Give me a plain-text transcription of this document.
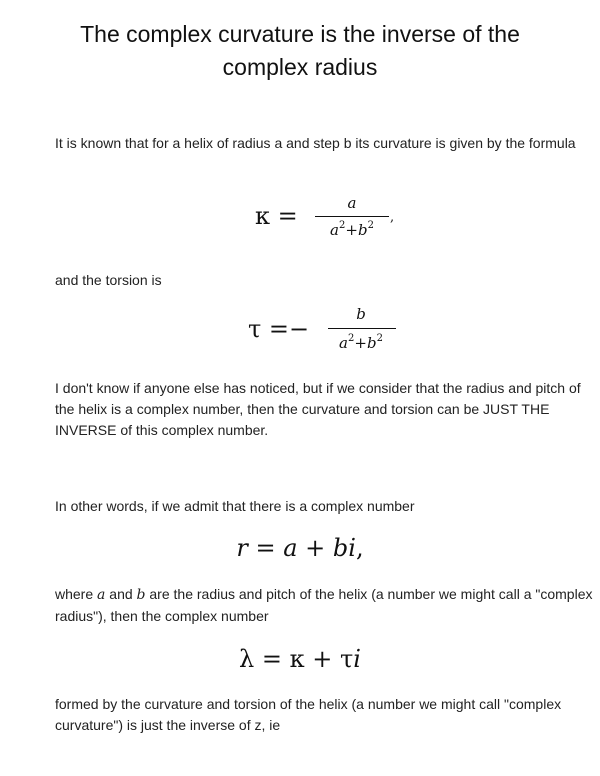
The complex curvature is the inverse of the complex radius

It is known that for a helix of radius a and step b its curvature is given by the formula

κ =	a
$a^2+b^2$
,

and the torsion is

τ =−
b
$a^2+b^2$

I don't know if anyone else has noticed, but if we consider that the radius and pitch of the helix is a complex number, then the curvature and torsion can be JUST THE INVERSE of this complex number.

In other words, if we admit that there is a complex number

r = a + bi,

where a and b are the radius and pitch of the helix (a number we might call a "complex radius"), then the complex number

λ = κ + τi

formed by the curvature and torsion of the helix (a number we might call "complex curvature") is just the inverse of z, ie
